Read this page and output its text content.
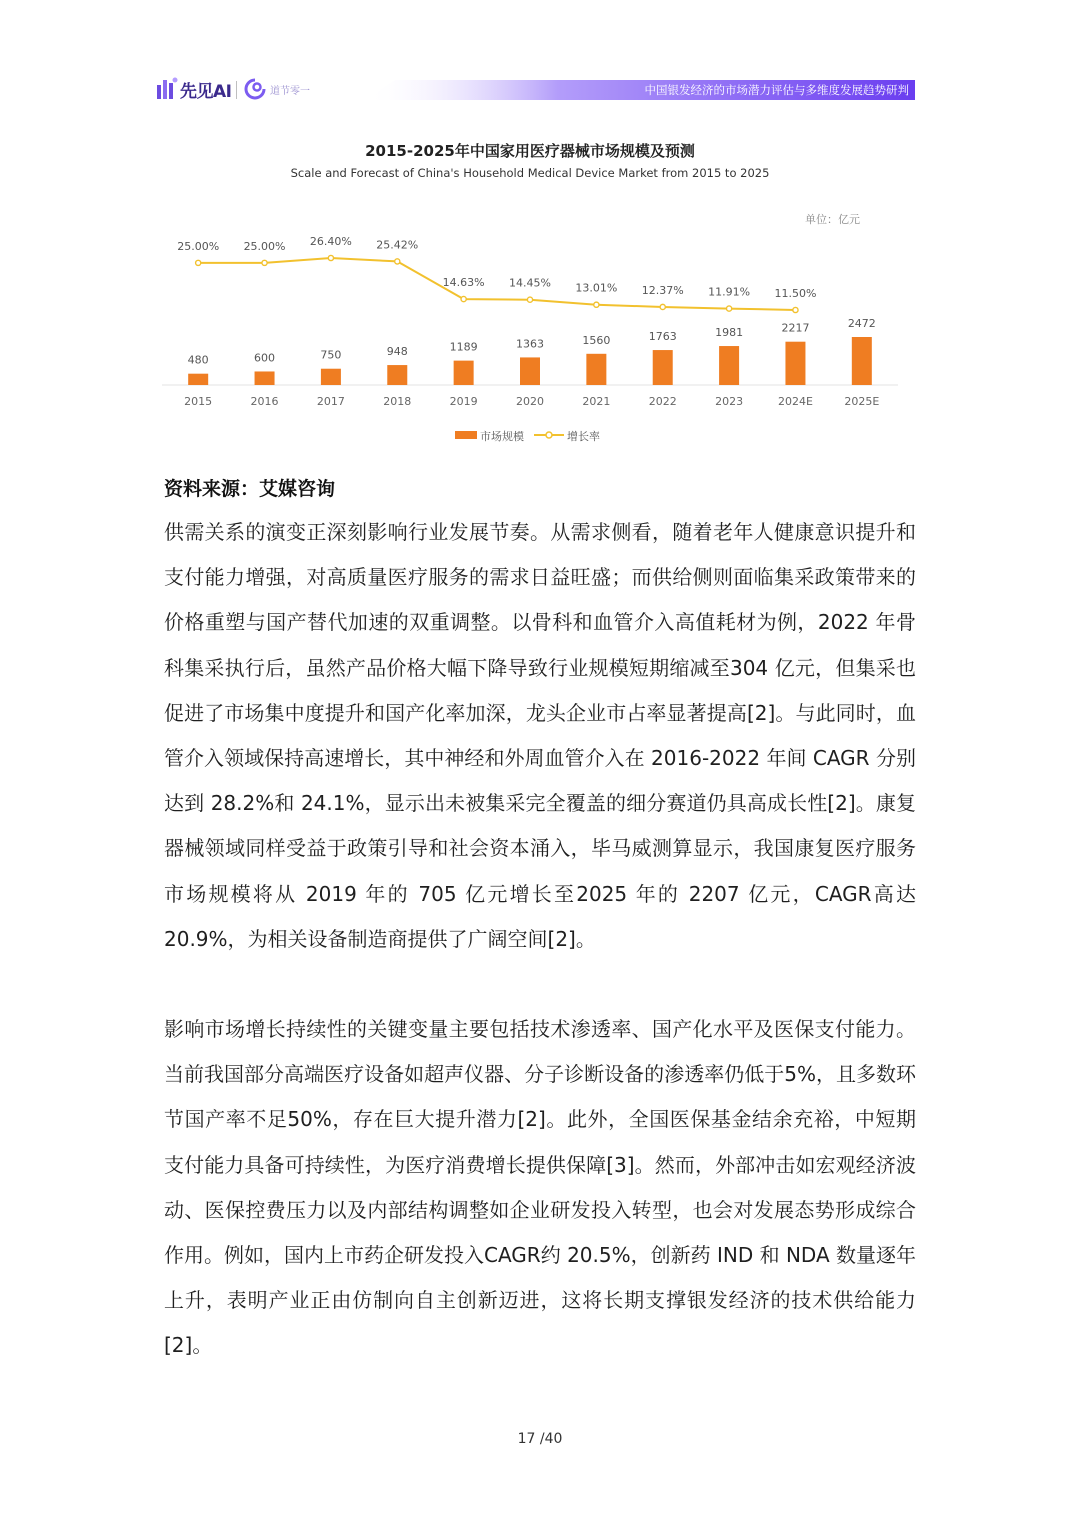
先见AI	道节零一	中国银发经济的市场潜力评估与多维度发展趋势研判
2015-2025年中国家用医疗器械市场规模及预测
Scale and Forecast of China's Household Medical Device Market from 2015 to 2025
单位：亿元
480
2015
600
2016
750
2017
948
2018
1189
2019
1363
2020
1560
2021
1763
2022
1981
2023
2217
2024E
2472
2025E
25.00% 25.00% 26.40% 25.42%
14.63% 14.45% 13.01% 12.37% 11.91% 11.50%
市场规模	增长率
资料来源：艾媒咨询

供需关系的演变正深刻影响行业发展节奏。从需求侧看，随着老年人健康意识提升和支付能力增强，对高质量医疗服务的需求日益旺盛；而供给侧则面临集采政策带来的价格重塑与国产替代加速的双重调整。以骨科和血管介入高值耗材为例，2022 年骨科集采执行后，虽然产品价格大幅下降导致行业规模短期缩减至304 亿元，但集采也促进了市场集中度提升和国产化率加深，龙头企业市占率显著提高[2]。与此同时，血管介入领域保持高速增长，其中神经和外周血管介入在 2016-2022 年间 CAGR 分别达到 28.2%和 24.1%，显示出未被集采完全覆盖的细分赛道仍具高成长性[2]。康复器械领域同样受益于政策引导和社会资本涌入，毕马威测算显示，我国康复医疗服务市场规模将从 2019 年的 705 亿元增长至2025 年的 2207 亿元，CAGR高达 20.9%，为相关设备制造商提供了广阔空间[2]。

影响市场增长持续性的关键变量主要包括技术渗透率、国产化水平及医保支付能力。当前我国部分高端医疗设备如超声仪器、分子诊断设备的渗透率仍低于5%，且多数环节国产率不足50%，存在巨大提升潜力[2]。此外，全国医保基金结余充裕，中短期支付能力具备可持续性，为医疗消费增长提供保障[3]。然而，外部冲击如宏观经济波动、医保控费压力以及内部结构调整如企业研发投入转型，也会对发展态势形成综合作用。例如，国内上市药企研发投入CAGR约 20.5%，创新药 IND 和 NDA 数量逐年上升，表明产业正由仿制向自主创新迈进，这将长期支撑银发经济的技术供给能力[2]。

17 /40
